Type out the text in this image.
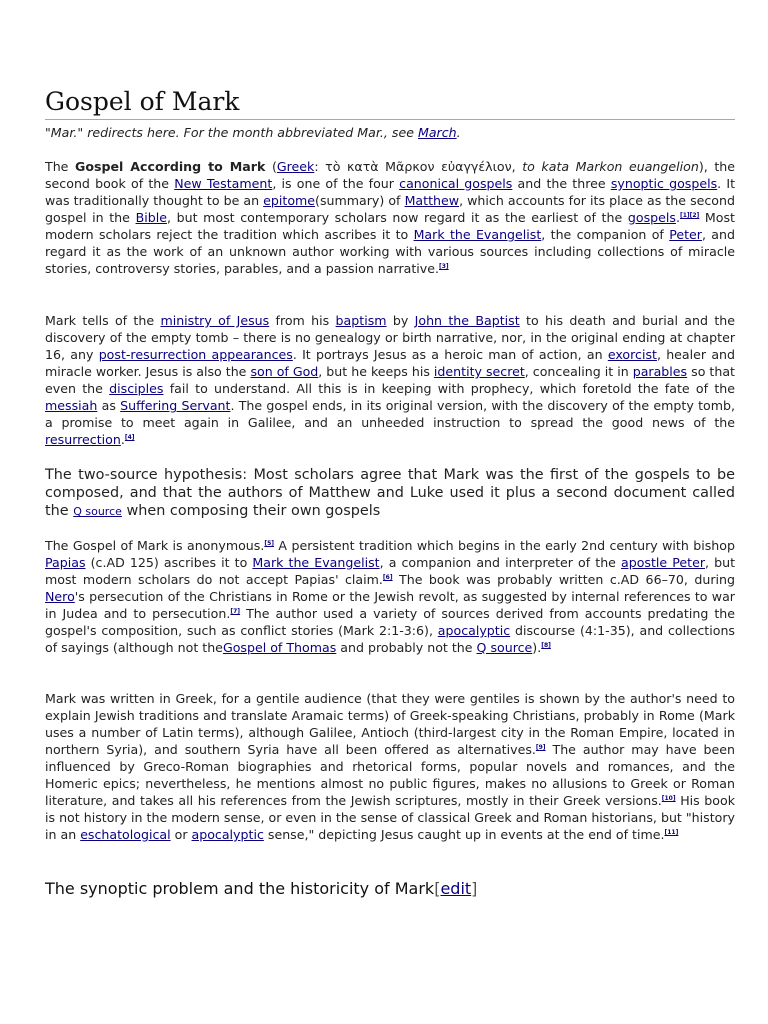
Gospel of Mark

"Mar." redirects here. For the month abbreviated Mar., see March.

The Gospel According to Mark (Greek: τὸ κατὰ Μᾶρκον εὐαγγέλιον, to kata Markon euangelion), the second book of the New Testament, is one of the four canonical gospels and the three synoptic gospels. It was traditionally thought to be an epitome(summary) of Matthew, which accounts for its place as the second gospel in the Bible, but most contemporary scholars now regard it as the earliest of the gospels.[1][2] Most modern scholars reject the tradition which ascribes it to Mark the Evangelist, the companion of Peter, and regard it as the work of an unknown author working with various sources including collections of miracle stories, controversy stories, parables, and a passion narrative.[3]

Mark tells of the ministry of Jesus from his baptism by John the Baptist to his death and burial and the discovery of the empty tomb – there is no genealogy or birth narrative, nor, in the original ending at chapter 16, any post-resurrection appearances. It portrays Jesus as a heroic man of action, an exorcist, healer and miracle worker. Jesus is also the son of God, but he keeps his identity secret, concealing it in parables so that even the disciples fail to understand. All this is in keeping with prophecy, which foretold the fate of the messiah as Suffering Servant. The gospel ends, in its original version, with the discovery of the empty tomb, a promise to meet again in Galilee, and an unheeded instruction to spread the good news of the resurrection.[4]

The two-source hypothesis: Most scholars agree that Mark was the first of the gospels to be composed, and that the authors of Matthew and Luke used it plus a second document called the Q source when composing their own gospels

The Gospel of Mark is anonymous.[5] A persistent tradition which begins in the early 2nd century with bishop Papias (c.AD 125) ascribes it to Mark the Evangelist, a companion and interpreter of the apostle Peter, but most modern scholars do not accept Papias' claim.[6] The book was probably written c.AD 66–70, during Nero's persecution of the Christians in Rome or the Jewish revolt, as suggested by internal references to war in Judea and to persecution.[7] The author used a variety of sources derived from accounts predating the gospel's composition, such as conflict stories (Mark 2:1-3:6), apocalyptic discourse (4:1-35), and collections of sayings (although not theGospel of Thomas and probably not the Q source).[8]

Mark was written in Greek, for a gentile audience (that they were gentiles is shown by the author's need to explain Jewish traditions and translate Aramaic terms) of Greek-speaking Christians, probably in Rome (Mark uses a number of Latin terms), although Galilee, Antioch (third-largest city in the Roman Empire, located in northern Syria), and southern Syria have all been offered as alternatives.[9] The author may have been influenced by Greco-Roman biographies and rhetorical forms, popular novels and romances, and the Homeric epics; nevertheless, he mentions almost no public figures, makes no allusions to Greek or Roman literature, and takes all his references from the Jewish scriptures, mostly in their Greek versions.[10] His book is not history in the modern sense, or even in the sense of classical Greek and Roman historians, but "history in an eschatological or apocalyptic sense," depicting Jesus caught up in events at the end of time.[11]

The synoptic problem and the historicity of Mark[edit]
